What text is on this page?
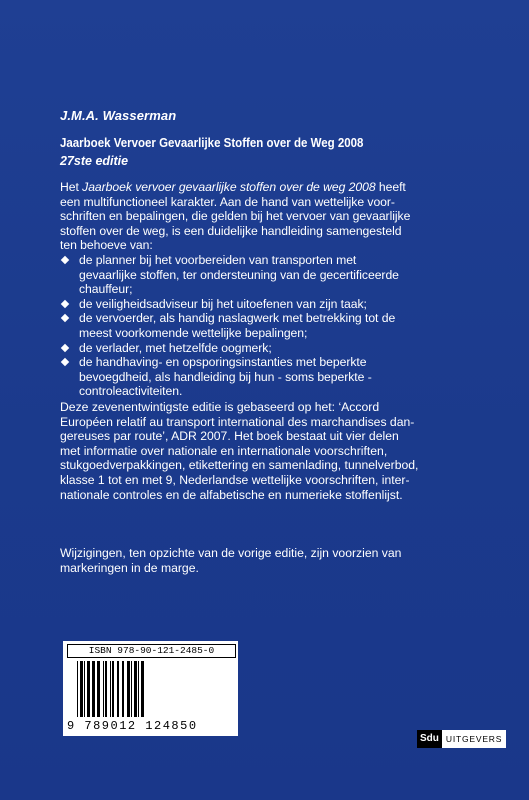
J.M.A. Wasserman
Jaarboek Vervoer Gevaarlijke Stoffen over de Weg 2008
27ste editie

Het Jaarboek vervoer gevaarlijke stoffen over de weg 2008 heeft
een multifunctioneel karakter. Aan de hand van wettelijke voor-
schriften en bepalingen, die gelden bij het vervoer van gevaarlijke
stoffen over de weg, is een duidelijke handleiding samengesteld
ten behoeve van:

de planner bij het voorbereiden van transporten met
gevaarlijke stoffen, ter ondersteuning van de gecertificeerde
chauffeur;
de veiligheidsadviseur bij het uitoefenen van zijn taak;
de vervoerder, als handig naslagwerk met betrekking tot de
meest voorkomende wettelijke bepalingen;
de verlader, met hetzelfde oogmerk;
de handhaving- en opsporingsinstanties met beperkte
bevoegdheid, als handleiding bij hun - soms beperkte -
controleactiviteiten.
Deze zevenentwintigste editie is gebaseerd op het: ‘Accord
Européen relatif au transport international des marchandises dan-
gereuses par route’, ADR 2007. Het boek bestaat uit vier delen
met informatie over nationale en internationale voorschriften,
stukgoedverpakkingen, etikettering en samenlading, tunnelverbod,
klasse 1 tot en met 9, Nederlandse wettelijke voorschriften, inter-
nationale controles en de alfabetische en numerieke stoffenlijst.
Wijzigingen, ten opzichte van de vorige editie, zijn voorzien van
markeringen in de marge.
ISBN 978-90-121-2485-0
9 789012 124850
Sdu UITGEVERS
